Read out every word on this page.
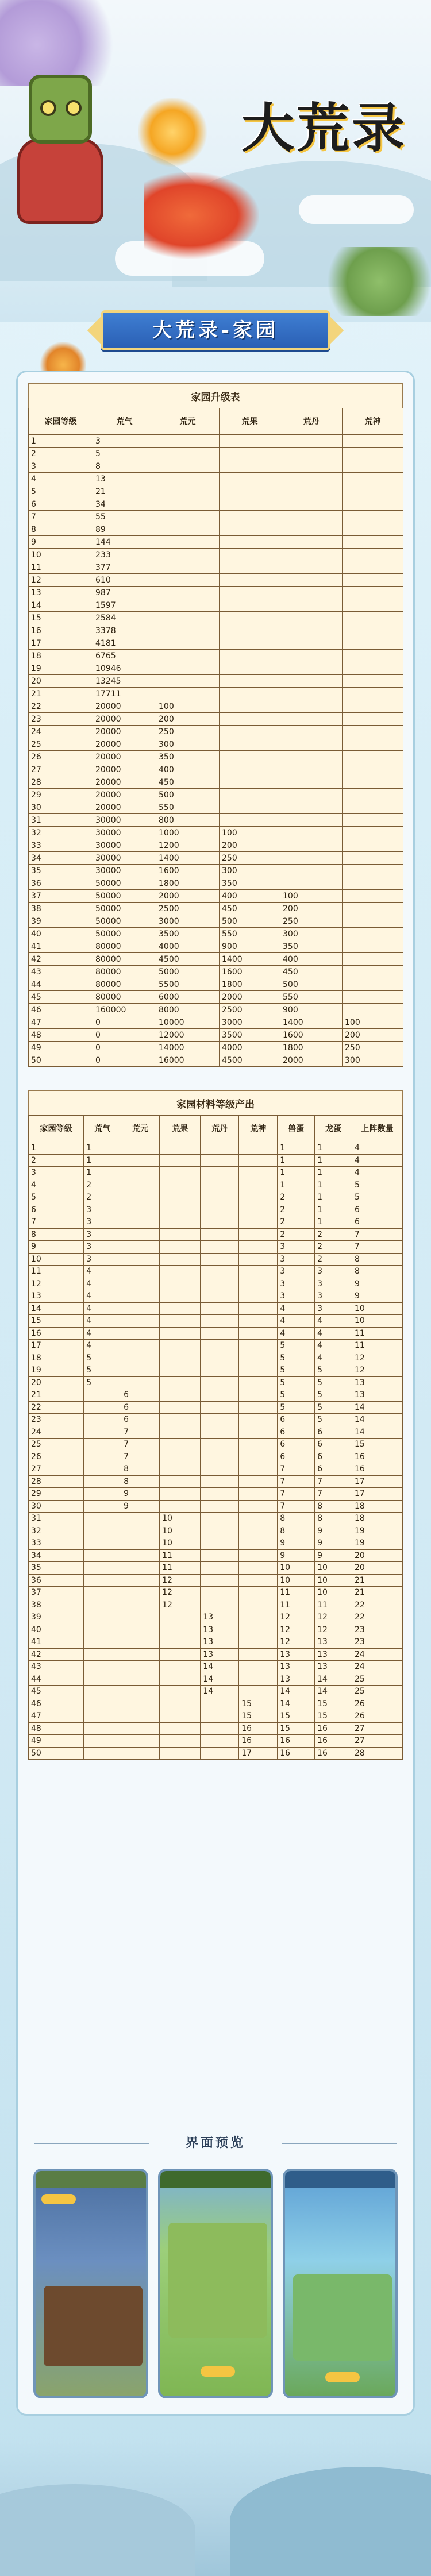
大荒录
大荒录-家园
家园升级表
家园等级	荒气	荒元	荒果	荒丹	荒神
1	3				
2	5				
3	8				
4	13				
5	21				
6	34				
7	55				
8	89				
9	144				
10	233				
11	377				
12	610				
13	987				
14	1597				
15	2584				
16	3378				
17	4181				
18	6765				
19	10946				
20	13245				
21	17711				
22	20000	100			
23	20000	200			
24	20000	250			
25	20000	300			
26	20000	350			
27	20000	400			
28	20000	450			
29	20000	500			
30	20000	550			
31	30000	800			
32	30000	1000	100		
33	30000	1200	200		
34	30000	1400	250		
35	30000	1600	300		
36	50000	1800	350		
37	50000	2000	400	100	
38	50000	2500	450	200	
39	50000	3000	500	250	
40	50000	3500	550	300	
41	80000	4000	900	350	
42	80000	4500	1400	400	
43	80000	5000	1600	450	
44	80000	5500	1800	500	
45	80000	6000	2000	550	
46	160000	8000	2500	900	
47	0	10000	3000	1400	100
48	0	12000	3500	1600	200
49	0	14000	4000	1800	250
50	0	16000	4500	2000	300
家园材料等级产出
家园等级	荒气	荒元	荒果	荒丹	荒神	兽蛋	龙蛋	上阵数量
1	1					1	1	4
2	1					1	1	4
3	1					1	1	4
4	2					1	1	5
5	2					2	1	5
6	3					2	1	6
7	3					2	1	6
8	3					2	2	7
9	3					3	2	7
10	3					3	2	8
11	4					3	3	8
12	4					3	3	9
13	4					3	3	9
14	4					4	3	10
15	4					4	4	10
16	4					4	4	11
17	4					5	4	11
18	5					5	4	12
19	5					5	5	12
20	5					5	5	13
21		6				5	5	13
22		6				5	5	14
23		6				6	5	14
24		7				6	6	14
25		7				6	6	15
26		7				6	6	16
27		8				7	6	16
28		8				7	7	17
29		9				7	7	17
30		9				7	8	18
31			10			8	8	18
32			10			8	9	19
33			10			9	9	19
34			11			9	9	20
35			11			10	10	20
36			12			10	10	21
37			12			11	10	21
38			12			11	11	22
39				13		12	12	22
40				13		12	12	23
41				13		12	13	23
42				13		13	13	24
43				14		13	13	24
44				14		13	14	25
45				14		14	14	25
46					15	14	15	26
47					15	15	15	26
48					16	15	16	27
49					16	16	16	27
50					17	16	16	28
界面预览
